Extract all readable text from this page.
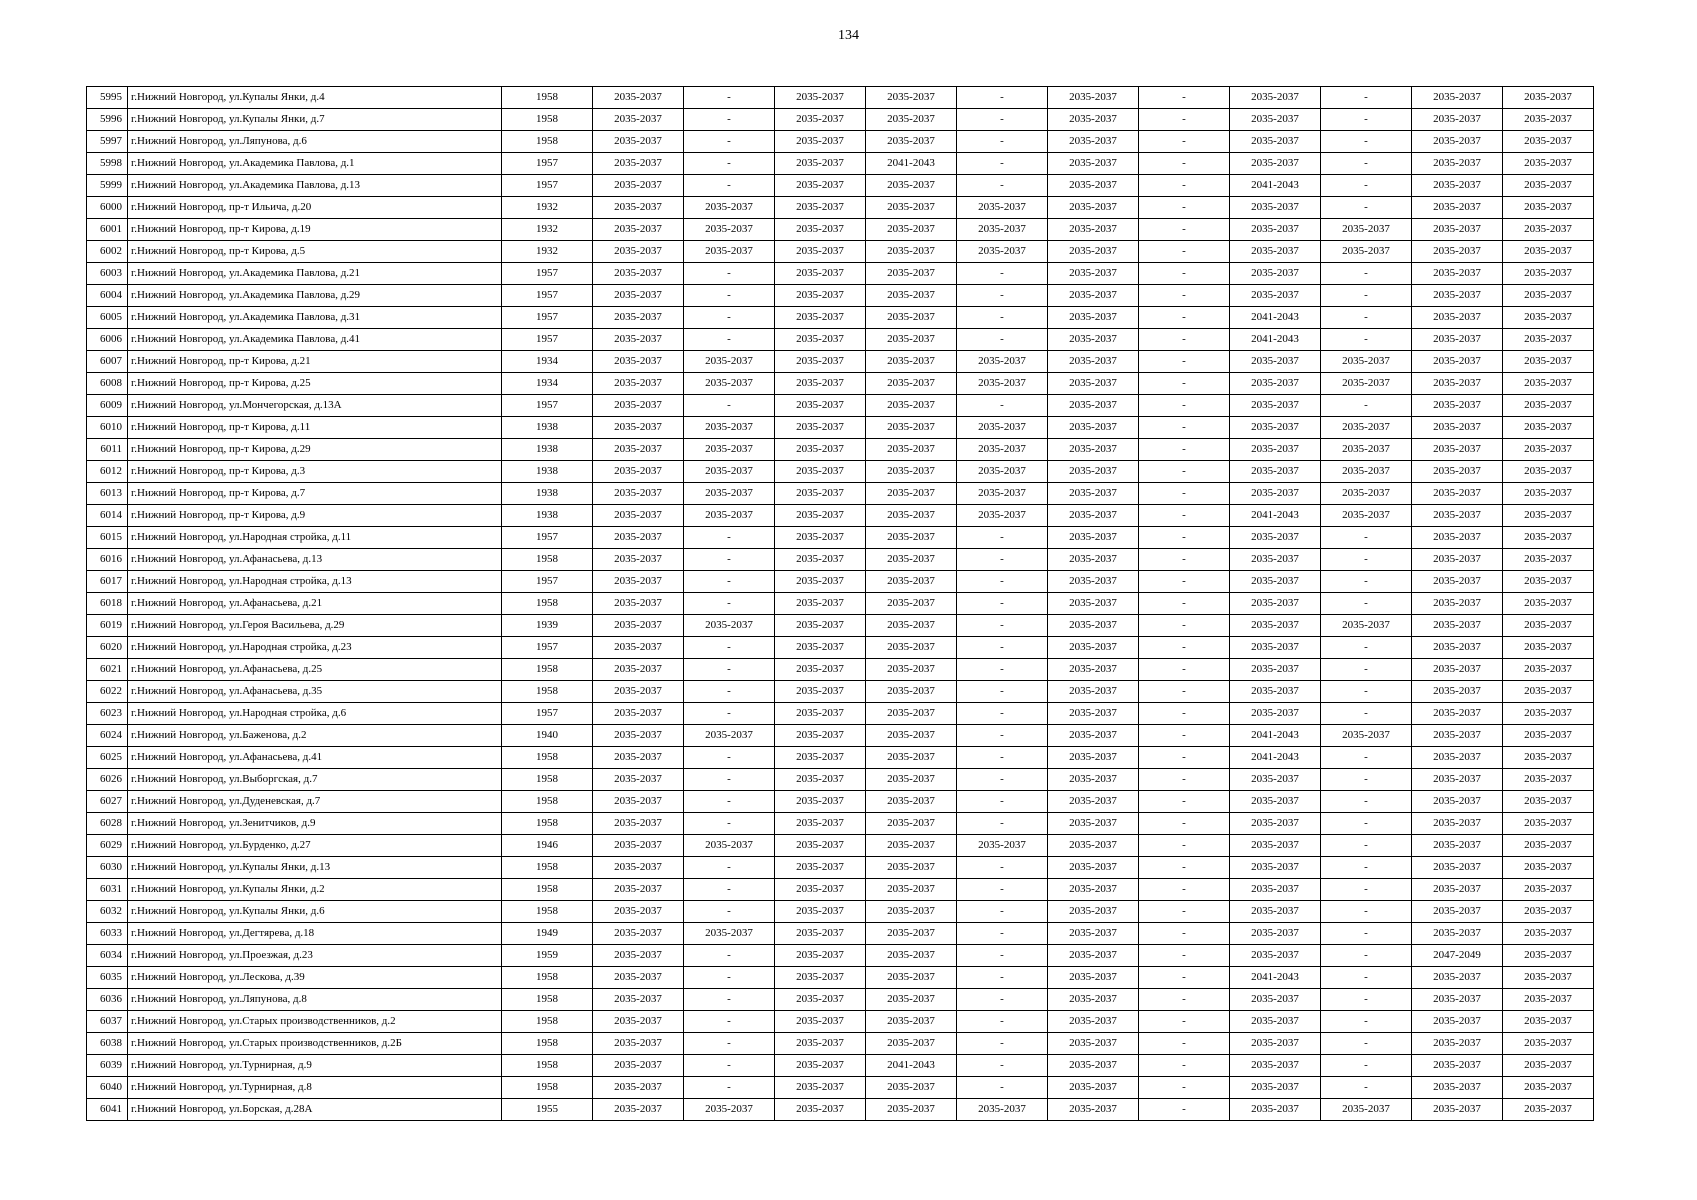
134
5995	г.Нижний Новгород, ул.Купалы Янки, д.4	1958	2035-2037	-	2035-2037	2035-2037	-	2035-2037	-	2035-2037	-	2035-2037	2035-2037
5996	г.Нижний Новгород, ул.Купалы Янки, д.7	1958	2035-2037	-	2035-2037	2035-2037	-	2035-2037	-	2035-2037	-	2035-2037	2035-2037
5997	г.Нижний Новгород, ул.Ляпунова, д.6	1958	2035-2037	-	2035-2037	2035-2037	-	2035-2037	-	2035-2037	-	2035-2037	2035-2037
5998	г.Нижний Новгород, ул.Академика Павлова, д.1	1957	2035-2037	-	2035-2037	2041-2043	-	2035-2037	-	2035-2037	-	2035-2037	2035-2037
5999	г.Нижний Новгород, ул.Академика Павлова, д.13	1957	2035-2037	-	2035-2037	2035-2037	-	2035-2037	-	2041-2043	-	2035-2037	2035-2037
6000	г.Нижний Новгород, пр-т Ильича, д.20	1932	2035-2037	2035-2037	2035-2037	2035-2037	2035-2037	2035-2037	-	2035-2037	-	2035-2037	2035-2037
6001	г.Нижний Новгород, пр-т Кирова, д.19	1932	2035-2037	2035-2037	2035-2037	2035-2037	2035-2037	2035-2037	-	2035-2037	2035-2037	2035-2037	2035-2037
6002	г.Нижний Новгород, пр-т Кирова, д.5	1932	2035-2037	2035-2037	2035-2037	2035-2037	2035-2037	2035-2037	-	2035-2037	2035-2037	2035-2037	2035-2037
6003	г.Нижний Новгород, ул.Академика Павлова, д.21	1957	2035-2037	-	2035-2037	2035-2037	-	2035-2037	-	2035-2037	-	2035-2037	2035-2037
6004	г.Нижний Новгород, ул.Академика Павлова, д.29	1957	2035-2037	-	2035-2037	2035-2037	-	2035-2037	-	2035-2037	-	2035-2037	2035-2037
6005	г.Нижний Новгород, ул.Академика Павлова, д.31	1957	2035-2037	-	2035-2037	2035-2037	-	2035-2037	-	2041-2043	-	2035-2037	2035-2037
6006	г.Нижний Новгород, ул.Академика Павлова, д.41	1957	2035-2037	-	2035-2037	2035-2037	-	2035-2037	-	2041-2043	-	2035-2037	2035-2037
6007	г.Нижний Новгород, пр-т Кирова, д.21	1934	2035-2037	2035-2037	2035-2037	2035-2037	2035-2037	2035-2037	-	2035-2037	2035-2037	2035-2037	2035-2037
6008	г.Нижний Новгород, пр-т Кирова, д.25	1934	2035-2037	2035-2037	2035-2037	2035-2037	2035-2037	2035-2037	-	2035-2037	2035-2037	2035-2037	2035-2037
6009	г.Нижний Новгород, ул.Мончегорская, д.13А	1957	2035-2037	-	2035-2037	2035-2037	-	2035-2037	-	2035-2037	-	2035-2037	2035-2037
6010	г.Нижний Новгород, пр-т Кирова, д.11	1938	2035-2037	2035-2037	2035-2037	2035-2037	2035-2037	2035-2037	-	2035-2037	2035-2037	2035-2037	2035-2037
6011	г.Нижний Новгород, пр-т Кирова, д.29	1938	2035-2037	2035-2037	2035-2037	2035-2037	2035-2037	2035-2037	-	2035-2037	2035-2037	2035-2037	2035-2037
6012	г.Нижний Новгород, пр-т Кирова, д.3	1938	2035-2037	2035-2037	2035-2037	2035-2037	2035-2037	2035-2037	-	2035-2037	2035-2037	2035-2037	2035-2037
6013	г.Нижний Новгород, пр-т Кирова, д.7	1938	2035-2037	2035-2037	2035-2037	2035-2037	2035-2037	2035-2037	-	2035-2037	2035-2037	2035-2037	2035-2037
6014	г.Нижний Новгород, пр-т Кирова, д.9	1938	2035-2037	2035-2037	2035-2037	2035-2037	2035-2037	2035-2037	-	2041-2043	2035-2037	2035-2037	2035-2037
6015	г.Нижний Новгород, ул.Народная стройка, д.11	1957	2035-2037	-	2035-2037	2035-2037	-	2035-2037	-	2035-2037	-	2035-2037	2035-2037
6016	г.Нижний Новгород, ул.Афанасьева, д.13	1958	2035-2037	-	2035-2037	2035-2037	-	2035-2037	-	2035-2037	-	2035-2037	2035-2037
6017	г.Нижний Новгород, ул.Народная стройка, д.13	1957	2035-2037	-	2035-2037	2035-2037	-	2035-2037	-	2035-2037	-	2035-2037	2035-2037
6018	г.Нижний Новгород, ул.Афанасьева, д.21	1958	2035-2037	-	2035-2037	2035-2037	-	2035-2037	-	2035-2037	-	2035-2037	2035-2037
6019	г.Нижний Новгород, ул.Героя Васильева, д.29	1939	2035-2037	2035-2037	2035-2037	2035-2037	-	2035-2037	-	2035-2037	2035-2037	2035-2037	2035-2037
6020	г.Нижний Новгород, ул.Народная стройка, д.23	1957	2035-2037	-	2035-2037	2035-2037	-	2035-2037	-	2035-2037	-	2035-2037	2035-2037
6021	г.Нижний Новгород, ул.Афанасьева, д.25	1958	2035-2037	-	2035-2037	2035-2037	-	2035-2037	-	2035-2037	-	2035-2037	2035-2037
6022	г.Нижний Новгород, ул.Афанасьева, д.35	1958	2035-2037	-	2035-2037	2035-2037	-	2035-2037	-	2035-2037	-	2035-2037	2035-2037
6023	г.Нижний Новгород, ул.Народная стройка, д.6	1957	2035-2037	-	2035-2037	2035-2037	-	2035-2037	-	2035-2037	-	2035-2037	2035-2037
6024	г.Нижний Новгород, ул.Баженова, д.2	1940	2035-2037	2035-2037	2035-2037	2035-2037	-	2035-2037	-	2041-2043	2035-2037	2035-2037	2035-2037
6025	г.Нижний Новгород, ул.Афанасьева, д.41	1958	2035-2037	-	2035-2037	2035-2037	-	2035-2037	-	2041-2043	-	2035-2037	2035-2037
6026	г.Нижний Новгород, ул.Выборгская, д.7	1958	2035-2037	-	2035-2037	2035-2037	-	2035-2037	-	2035-2037	-	2035-2037	2035-2037
6027	г.Нижний Новгород, ул.Дуденевская, д.7	1958	2035-2037	-	2035-2037	2035-2037	-	2035-2037	-	2035-2037	-	2035-2037	2035-2037
6028	г.Нижний Новгород, ул.Зенитчиков, д.9	1958	2035-2037	-	2035-2037	2035-2037	-	2035-2037	-	2035-2037	-	2035-2037	2035-2037
6029	г.Нижний Новгород, ул.Бурденко, д.27	1946	2035-2037	2035-2037	2035-2037	2035-2037	2035-2037	2035-2037	-	2035-2037	-	2035-2037	2035-2037
6030	г.Нижний Новгород, ул.Купалы Янки, д.13	1958	2035-2037	-	2035-2037	2035-2037	-	2035-2037	-	2035-2037	-	2035-2037	2035-2037
6031	г.Нижний Новгород, ул.Купалы Янки, д.2	1958	2035-2037	-	2035-2037	2035-2037	-	2035-2037	-	2035-2037	-	2035-2037	2035-2037
6032	г.Нижний Новгород, ул.Купалы Янки, д.6	1958	2035-2037	-	2035-2037	2035-2037	-	2035-2037	-	2035-2037	-	2035-2037	2035-2037
6033	г.Нижний Новгород, ул.Дегтярева, д.18	1949	2035-2037	2035-2037	2035-2037	2035-2037	-	2035-2037	-	2035-2037	-	2035-2037	2035-2037
6034	г.Нижний Новгород, ул.Проезжая, д.23	1959	2035-2037	-	2035-2037	2035-2037	-	2035-2037	-	2035-2037	-	2047-2049	2035-2037
6035	г.Нижний Новгород, ул.Лескова, д.39	1958	2035-2037	-	2035-2037	2035-2037	-	2035-2037	-	2041-2043	-	2035-2037	2035-2037
6036	г.Нижний Новгород, ул.Ляпунова, д.8	1958	2035-2037	-	2035-2037	2035-2037	-	2035-2037	-	2035-2037	-	2035-2037	2035-2037
6037	г.Нижний Новгород, ул.Старых производственников, д.2	1958	2035-2037	-	2035-2037	2035-2037	-	2035-2037	-	2035-2037	-	2035-2037	2035-2037
6038	г.Нижний Новгород, ул.Старых производственников, д.2Б	1958	2035-2037	-	2035-2037	2035-2037	-	2035-2037	-	2035-2037	-	2035-2037	2035-2037
6039	г.Нижний Новгород, ул.Турнирная, д.9	1958	2035-2037	-	2035-2037	2041-2043	-	2035-2037	-	2035-2037	-	2035-2037	2035-2037
6040	г.Нижний Новгород, ул.Турнирная, д.8	1958	2035-2037	-	2035-2037	2035-2037	-	2035-2037	-	2035-2037	-	2035-2037	2035-2037
6041	г.Нижний Новгород, ул.Борская, д.28А	1955	2035-2037	2035-2037	2035-2037	2035-2037	2035-2037	2035-2037	-	2035-2037	2035-2037	2035-2037	2035-2037
